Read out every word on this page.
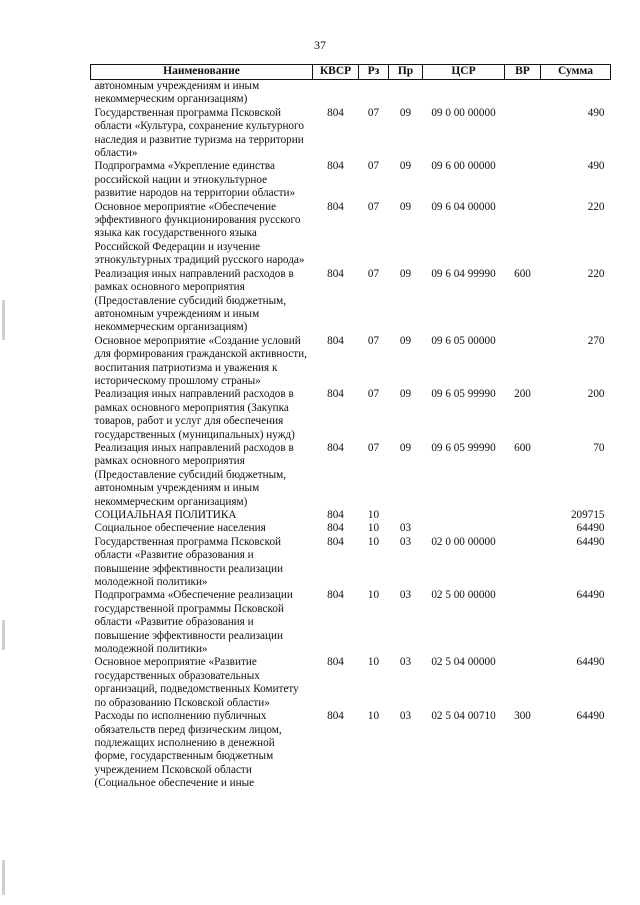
37
Наименование	КВСР	Рз	Пр	ЦСР	ВР	Сумма
автономным учреждениям и иным некоммерческим организациям)						
Государственная программа Псковской области «Культура, сохранение культурного наследия и развитие туризма на территории области»	804	07	09	09 0 00 00000		490
Подпрограмма «Укрепление единства российской нации и этнокультурное развитие народов на территории области»	804	07	09	09 6 00 00000		490
Основное мероприятие «Обеспечение эффективного функционирования русского языка как государственного языка Российской Федерации и изучение этнокультурных традиций русского народа»	804	07	09	09 6 04 00000		220
Реализация иных направлений расходов в рамках основного мероприятия (Предоставление субсидий бюджетным, автономным учреждениям и иным некоммерческим организациям)	804	07	09	09 6 04 99990	600	220
Основное мероприятие «Создание условий для формирования гражданской активности, воспитания патриотизма и уважения к историческому прошлому страны»	804	07	09	09 6 05 00000		270
Реализация иных направлений расходов в рамках основного мероприятия (Закупка товаров, работ и услуг для обеспечения государственных (муниципальных) нужд)	804	07	09	09 6 05 99990	200	200
Реализация иных направлений расходов в рамках основного мероприятия (Предоставление субсидий бюджетным, автономным учреждениям и иным некоммерческим организациям)	804	07	09	09 6 05 99990	600	70
СОЦИАЛЬНАЯ ПОЛИТИКА	804	10				209715
Социальное обеспечение населения	804	10	03			64490
Государственная программа Псковской области «Развитие образования и повышение эффективности реализации молодежной политики»	804	10	03	02 0 00 00000		64490
Подпрограмма «Обеспечение реализации государственной программы Псковской области «Развитие образования и повышение эффективности реализации молодежной политики»	804	10	03	02 5 00 00000		64490
Основное мероприятие «Развитие государственных образовательных организаций, подведомственных Комитету по образованию Псковской области»	804	10	03	02 5 04 00000		64490
Расходы по исполнению публичных обязательств перед физическим лицом, подлежащих исполнению в денежной форме, государственным бюджетным учреждением Псковской области (Социальное обеспечение и иные	804	10	03	02 5 04 00710	300	64490
